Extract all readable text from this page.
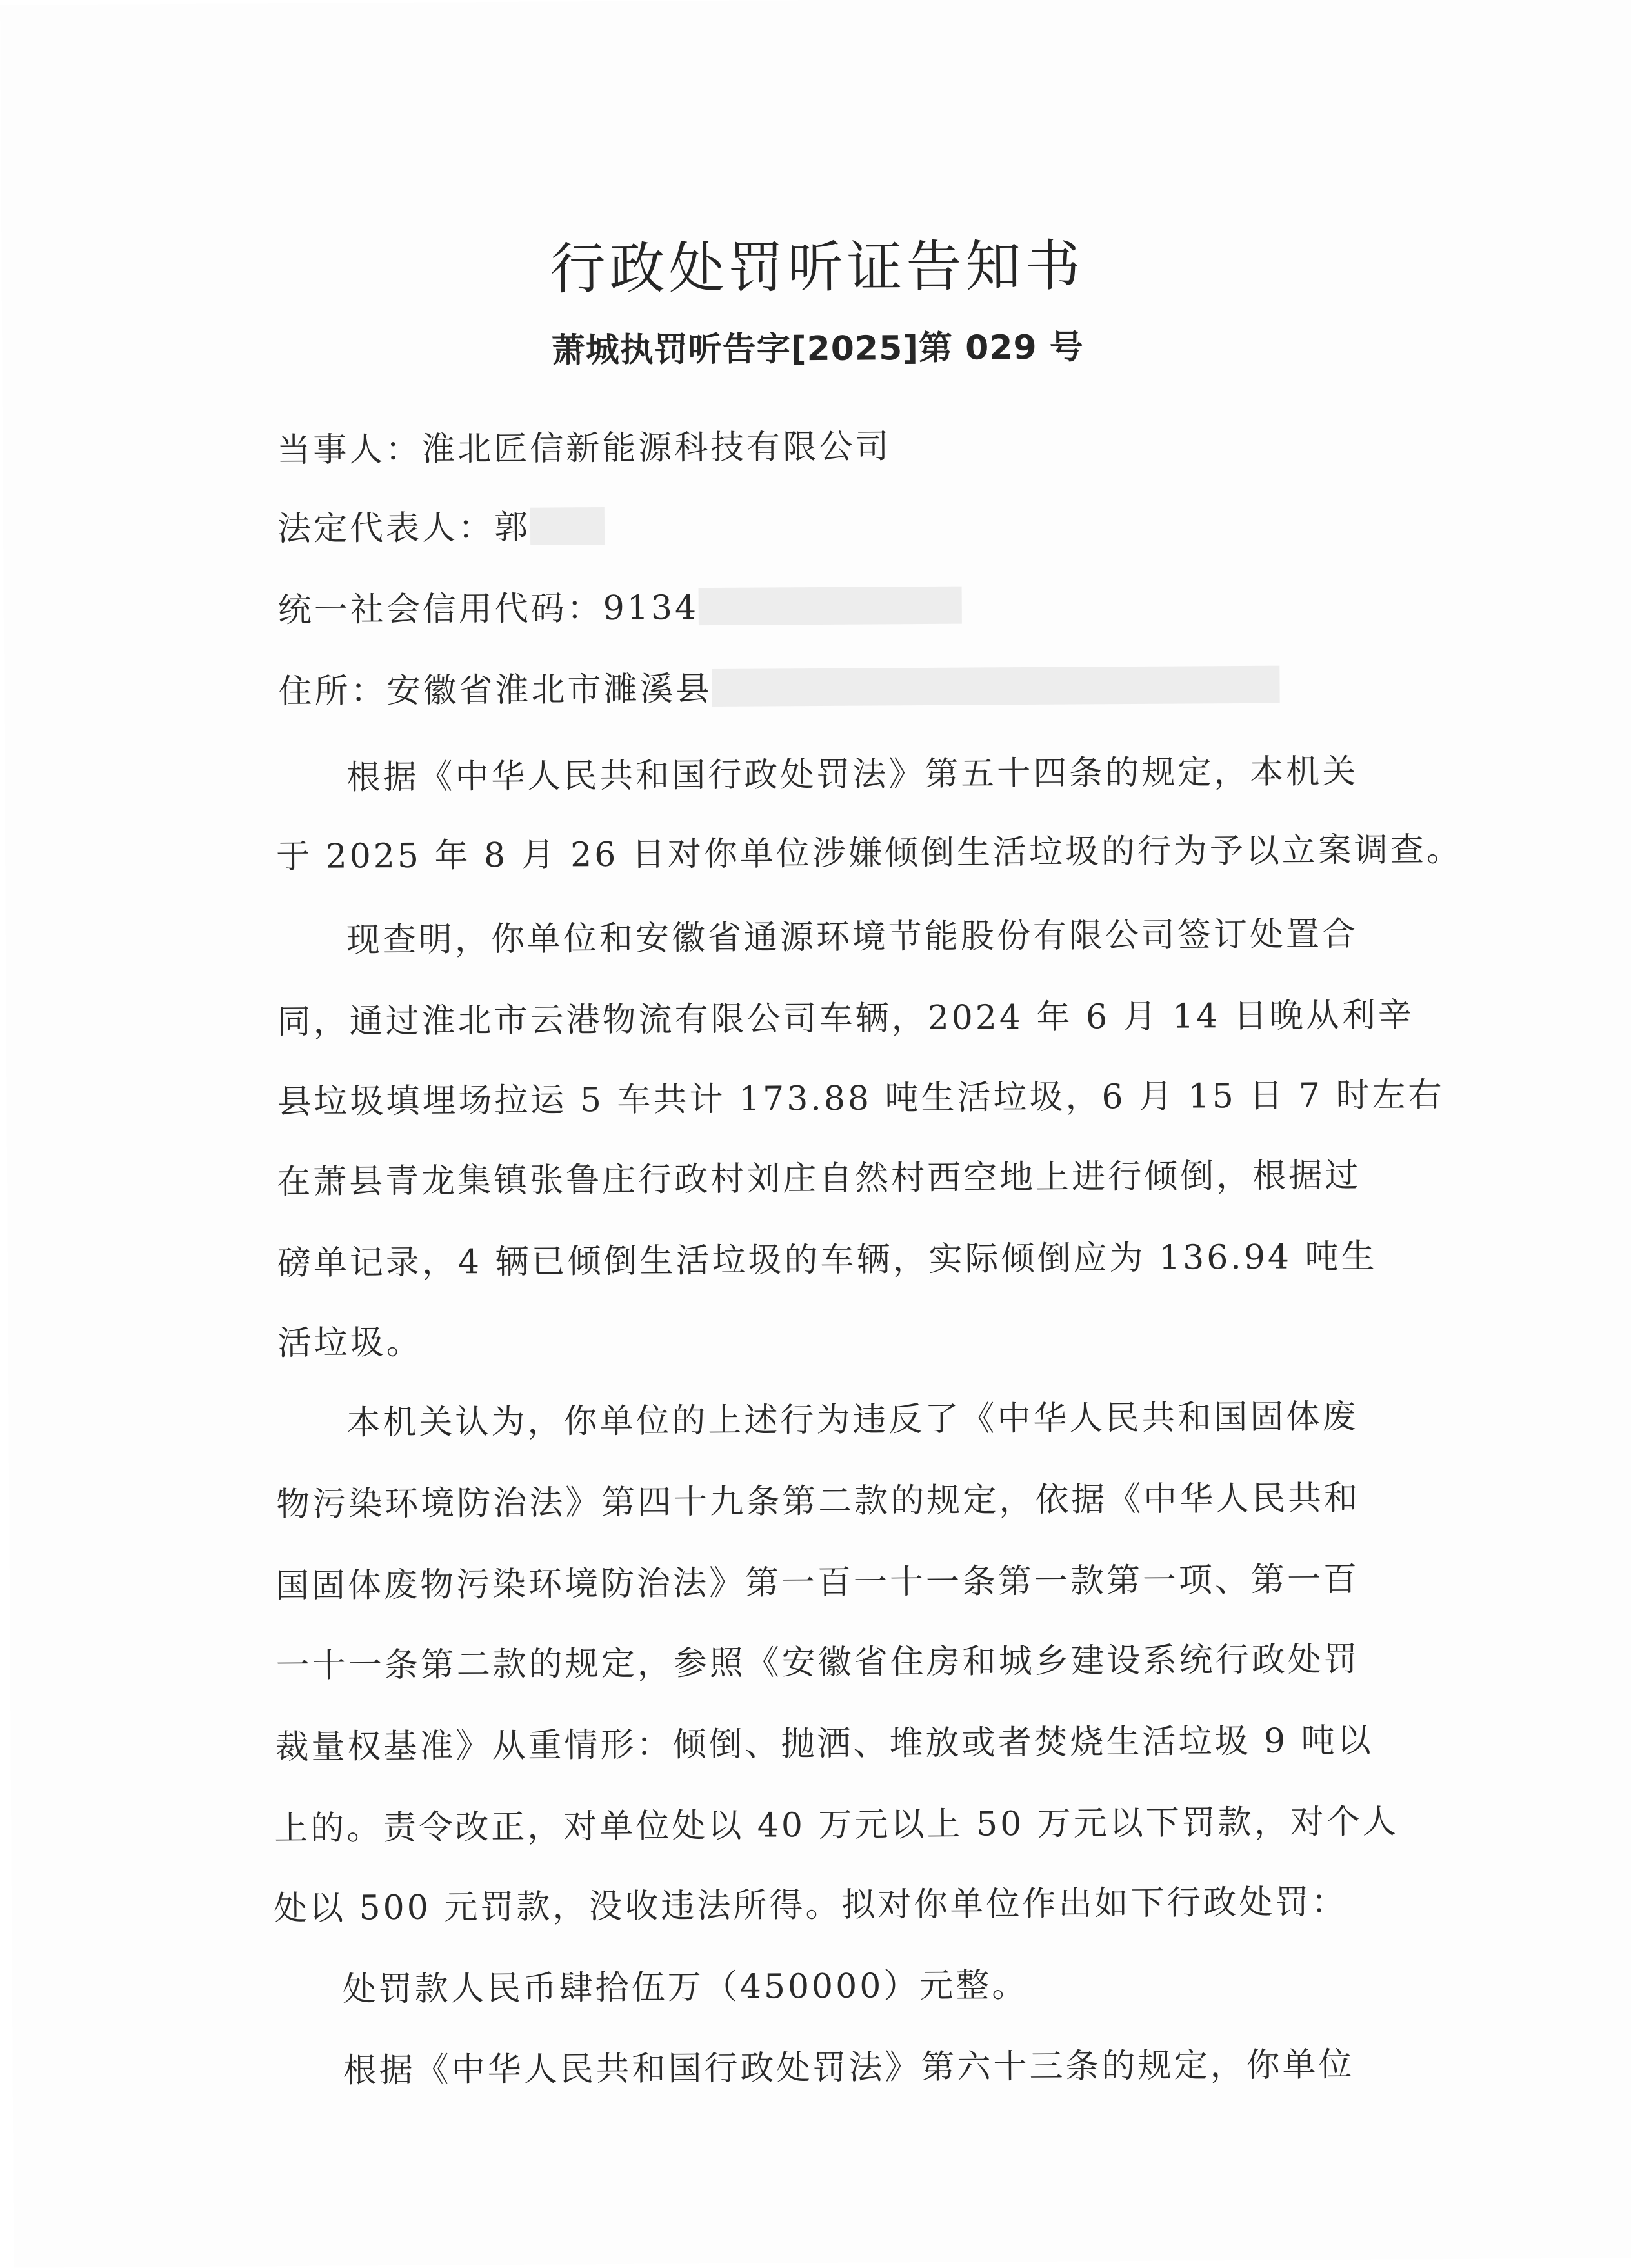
行政处罚听证告知书
萧城执罚听告字[2025]第 029 号
当事人：淮北匠信新能源科技有限公司
法定代表人：郭
统一社会信用代码：9134
住所：安徽省淮北市濉溪县
根据《中华人民共和国行政处罚法》第五十四条的规定，本机关
于 2025 年 8 月 26 日对你单位涉嫌倾倒生活垃圾的行为予以立案调查。
现查明，你单位和安徽省通源环境节能股份有限公司签订处置合
同，通过淮北市云港物流有限公司车辆，2024 年 6 月 14 日晚从利辛
县垃圾填埋场拉运 5 车共计 173.88 吨生活垃圾，6 月 15 日 7 时左右
在萧县青龙集镇张鲁庄行政村刘庄自然村西空地上进行倾倒，根据过
磅单记录，4 辆已倾倒生活垃圾的车辆，实际倾倒应为 136.94 吨生
活垃圾。
本机关认为，你单位的上述行为违反了《中华人民共和国固体废
物污染环境防治法》第四十九条第二款的规定，依据《中华人民共和
国固体废物污染环境防治法》第一百一十一条第一款第一项、第一百
一十一条第二款的规定，参照《安徽省住房和城乡建设系统行政处罚
裁量权基准》从重情形：倾倒、抛洒、堆放或者焚烧生活垃圾 9 吨以
上的。责令改正，对单位处以 40 万元以上 50 万元以下罚款，对个人
处以 500 元罚款，没收违法所得。拟对你单位作出如下行政处罚：
处罚款人民币肆拾伍万（450000）元整。
根据《中华人民共和国行政处罚法》第六十三条的规定，你单位
